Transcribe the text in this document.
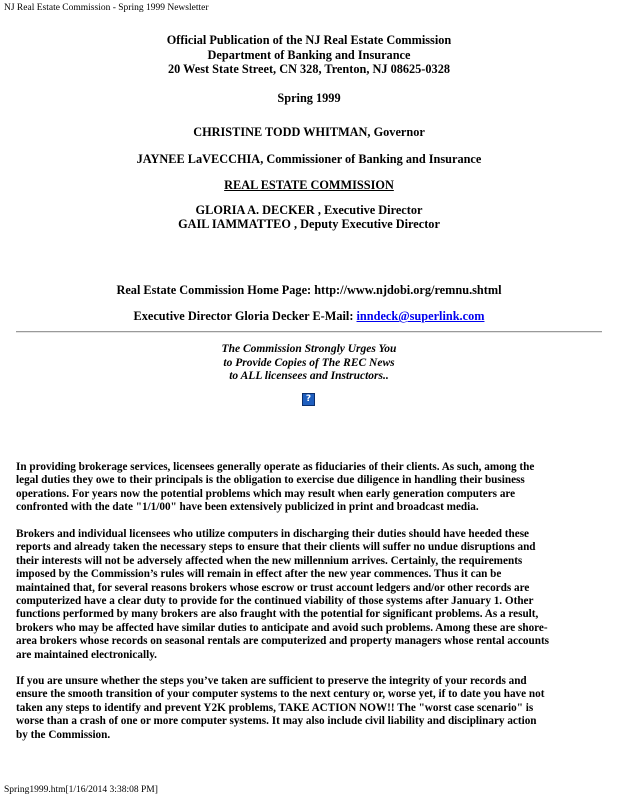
NJ Real Estate Commission - Spring 1999 Newsletter
Official Publication of the NJ Real Estate Commission
Department of Banking and Insurance
20 West State Street, CN 328, Trenton, NJ 08625-0328
Spring 1999
CHRISTINE TODD WHITMAN, Governor
JAYNEE LaVECCHIA, Commissioner of Banking and Insurance
REAL ESTATE COMMISSION
GLORIA A. DECKER , Executive Director
GAIL IAMMATTEO , Deputy Executive Director
Real Estate Commission Home Page: http://www.njdobi.org/remnu.shtml
Executive Director Gloria Decker E-Mail: inndeck@superlink.com
The Commission Strongly Urges You
to Provide Copies of The REC News
to ALL licensees and Instructors..
?
In providing brokerage services, licensees generally operate as fiduciaries of their clients. As such, among the
legal duties they owe to their principals is the obligation to exercise due diligence in handling their business
operations. For years now the potential problems which may result when early generation computers are
confronted with the date "1/1/00" have been extensively publicized in print and broadcast media.
Brokers and individual licensees who utilize computers in discharging their duties should have heeded these
reports and already taken the necessary steps to ensure that their clients will suffer no undue disruptions and
their interests will not be adversely affected when the new millennium arrives. Certainly, the requirements
imposed by the Commission’s rules will remain in effect after the new year commences. Thus it can be
maintained that, for several reasons brokers whose escrow or trust account ledgers and/or other records are
computerized have a clear duty to provide for the continued viability of those systems after January 1. Other
functions performed by many brokers are also fraught with the potential for significant problems. As a result,
brokers who may be affected have similar duties to anticipate and avoid such problems. Among these are shore-
area brokers whose records on seasonal rentals are computerized and property managers whose rental accounts
are maintained electronically.
If you are unsure whether the steps you’ve taken are sufficient to preserve the integrity of your records and
ensure the smooth transition of your computer systems to the next century or, worse yet, if to date you have not
taken any steps to identify and prevent Y2K problems, TAKE ACTION NOW!! The "worst case scenario" is
worse than a crash of one or more computer systems. It may also include civil liability and disciplinary action
by the Commission.
Spring1999.htm[1/16/2014 3:38:08 PM]
